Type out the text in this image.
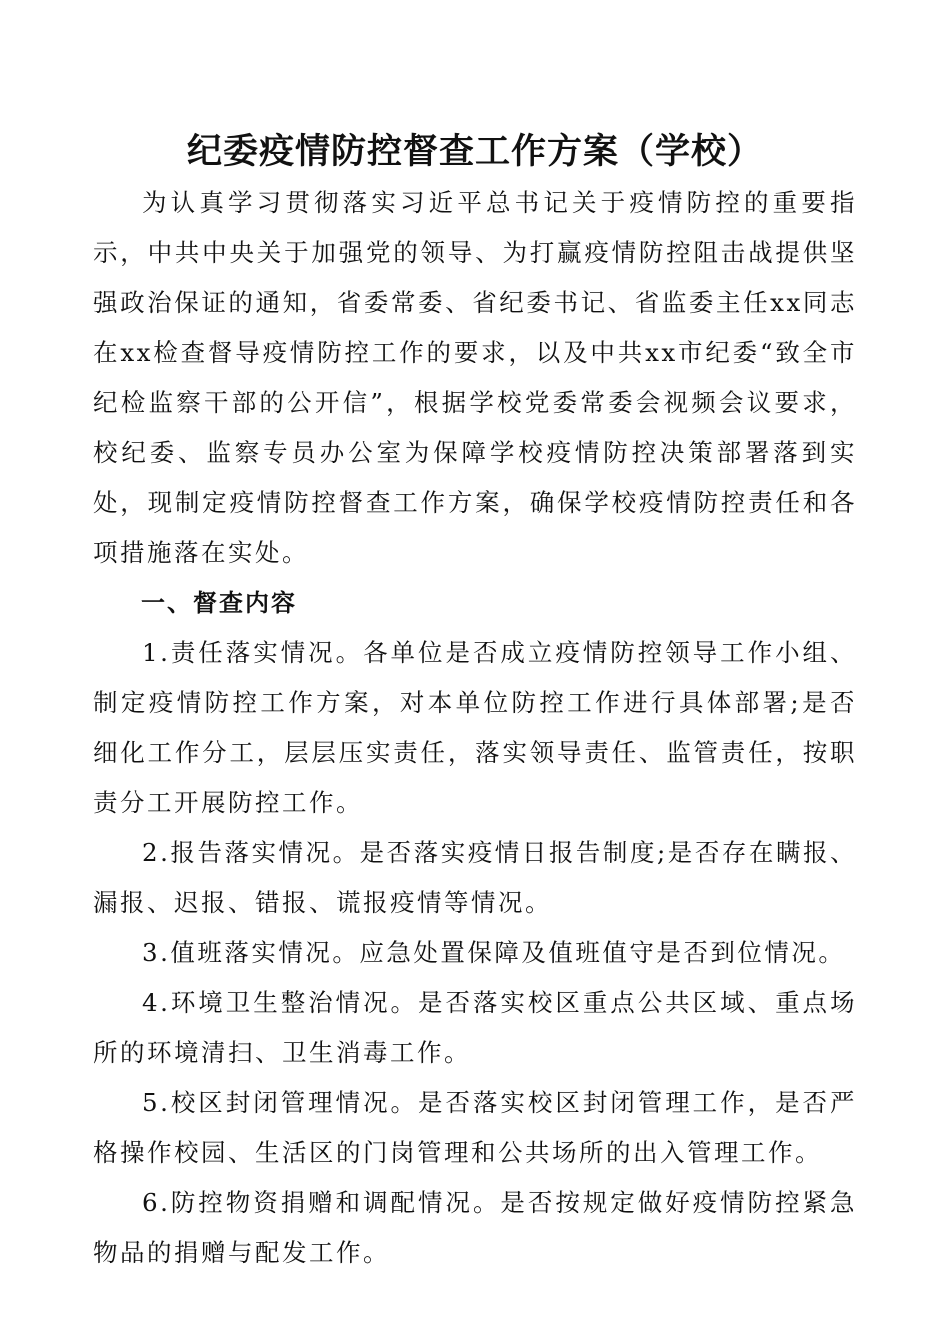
纪委疫情防控督查工作方案（学校）

为认真学习贯彻落实习近平总书记关于疫情防控的重要指示，中共中央关于加强党的领导、为打赢疫情防控阻击战提供坚强政治保证的通知，省委常委、省纪委书记、省监委主任xx同志在xx检查督导疫情防控工作的要求，以及中共xx市纪委“致全市纪检监察干部的公开信”，根据学校党委常委会视频会议要求，校纪委、监察专员办公室为保障学校疫情防控决策部署落到实处，现制定疫情防控督查工作方案，确保学校疫情防控责任和各项措施落在实处。

一、督查内容

1.责任落实情况。各单位是否成立疫情防控领导工作小组、制定疫情防控工作方案，对本单位防控工作进行具体部署;是否细化工作分工，层层压实责任，落实领导责任、监管责任，按职责分工开展防控工作。

2.报告落实情况。是否落实疫情日报告制度;是否存在瞒报、漏报、迟报、错报、谎报疫情等情况。

3.值班落实情况。应急处置保障及值班值守是否到位情况。

4.环境卫生整治情况。是否落实校区重点公共区域、重点场所的环境清扫、卫生消毒工作。

5.校区封闭管理情况。是否落实校区封闭管理工作，是否严格操作校园、生活区的门岗管理和公共场所的出入管理工作。

6.防控物资捐赠和调配情况。是否按规定做好疫情防控紧急物品的捐赠与配发工作。
